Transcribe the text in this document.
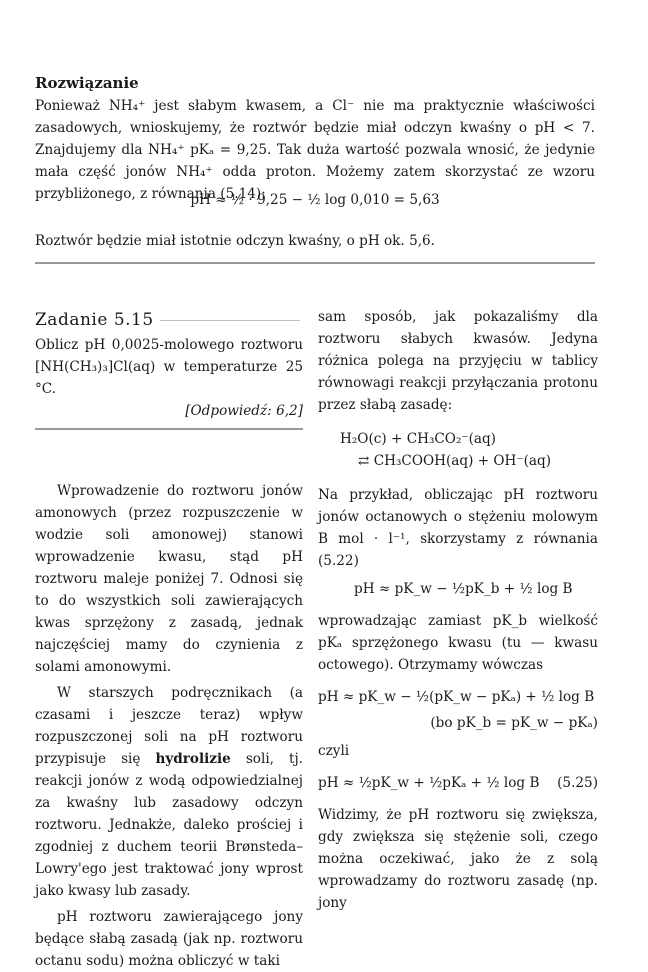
Rozwiązanie

Ponieważ NH₄⁺ jest słabym kwasem, a Cl⁻ nie ma praktycznie właściwości zasadowych, wnioskujemy, że roztwór będzie miał odczyn kwaśny o pH < 7. Znajdujemy dla NH₄⁺ pKₐ = 9,25. Tak duża wartość pozwala wnosić, że jedynie mała część jonów NH₄⁺ odda proton. Możemy zatem skorzystać ze wzoru przybliżonego, z równania (5.14):

pH ≈ ½ · 9,25 − ½ log 0,010 = 5,63

Roztwór będzie miał istotnie odczyn kwaśny, o pH ok. 5,6.

Zadanie 5.15

Oblicz pH 0,0025-molowego roztworu [NH(CH₃)₃]Cl(aq) w temperaturze 25 °C.

[Odpowiedź: 6,2]

Wprowadzenie do roztworu jonów amonowych (przez rozpuszczenie w wodzie soli amonowej) stanowi wprowadzenie kwasu, stąd pH roztworu maleje poniżej 7. Odnosi się to do wszystkich soli zawierających kwas sprzężony z zasadą, jednak najczęściej mamy do czynienia z solami amonowymi.

W starszych podręcznikach (a czasami i jeszcze teraz) wpływ rozpuszczonej soli na pH roztworu przypisuje się hydrolizie soli, tj. reakcji jonów z wodą odpowiedzialnej za kwaśny lub zasadowy odczyn roztworu. Jednakże, daleko prościej i zgodniej z duchem teorii Brønsteda–Lowry'ego jest traktować jony wprost jako kwasy lub zasady.

pH roztworu zawierającego jony będące słabą zasadą (jak np. roztworu octanu sodu) można obliczyć w taki

sam sposób, jak pokazaliśmy dla roztworu słabych kwasów. Jedyna różnica polega na przyjęciu w tablicy równowagi reakcji przyłączania protonu przez słabą zasadę:

H₂O(c) + CH₃CO₂⁻(aq)
⇄ CH₃COOH(aq) + OH⁻(aq)

Na przykład, obliczając pH roztworu jonów octanowych o stężeniu molowym B mol · l⁻¹, skorzystamy z równania (5.22)

pH ≈ pK_w − ½pK_b + ½ log B

wprowadzając zamiast pK_b wielkość pKₐ sprzężonego kwasu (tu — kwasu octowego). Otrzymamy wówczas

pH ≈ pK_w − ½(pK_w − pKₐ) + ½ log B
(bo pK_b = pK_w − pKₐ)
czyli
pH ≈ ½pK_w + ½pKₐ + ½ log B (5.25)

Widzimy, że pH roztworu się zwiększa, gdy zwiększa się stężenie soli, czego można oczekiwać, jako że z solą wprowadzamy do roztworu zasadę (np. jony
